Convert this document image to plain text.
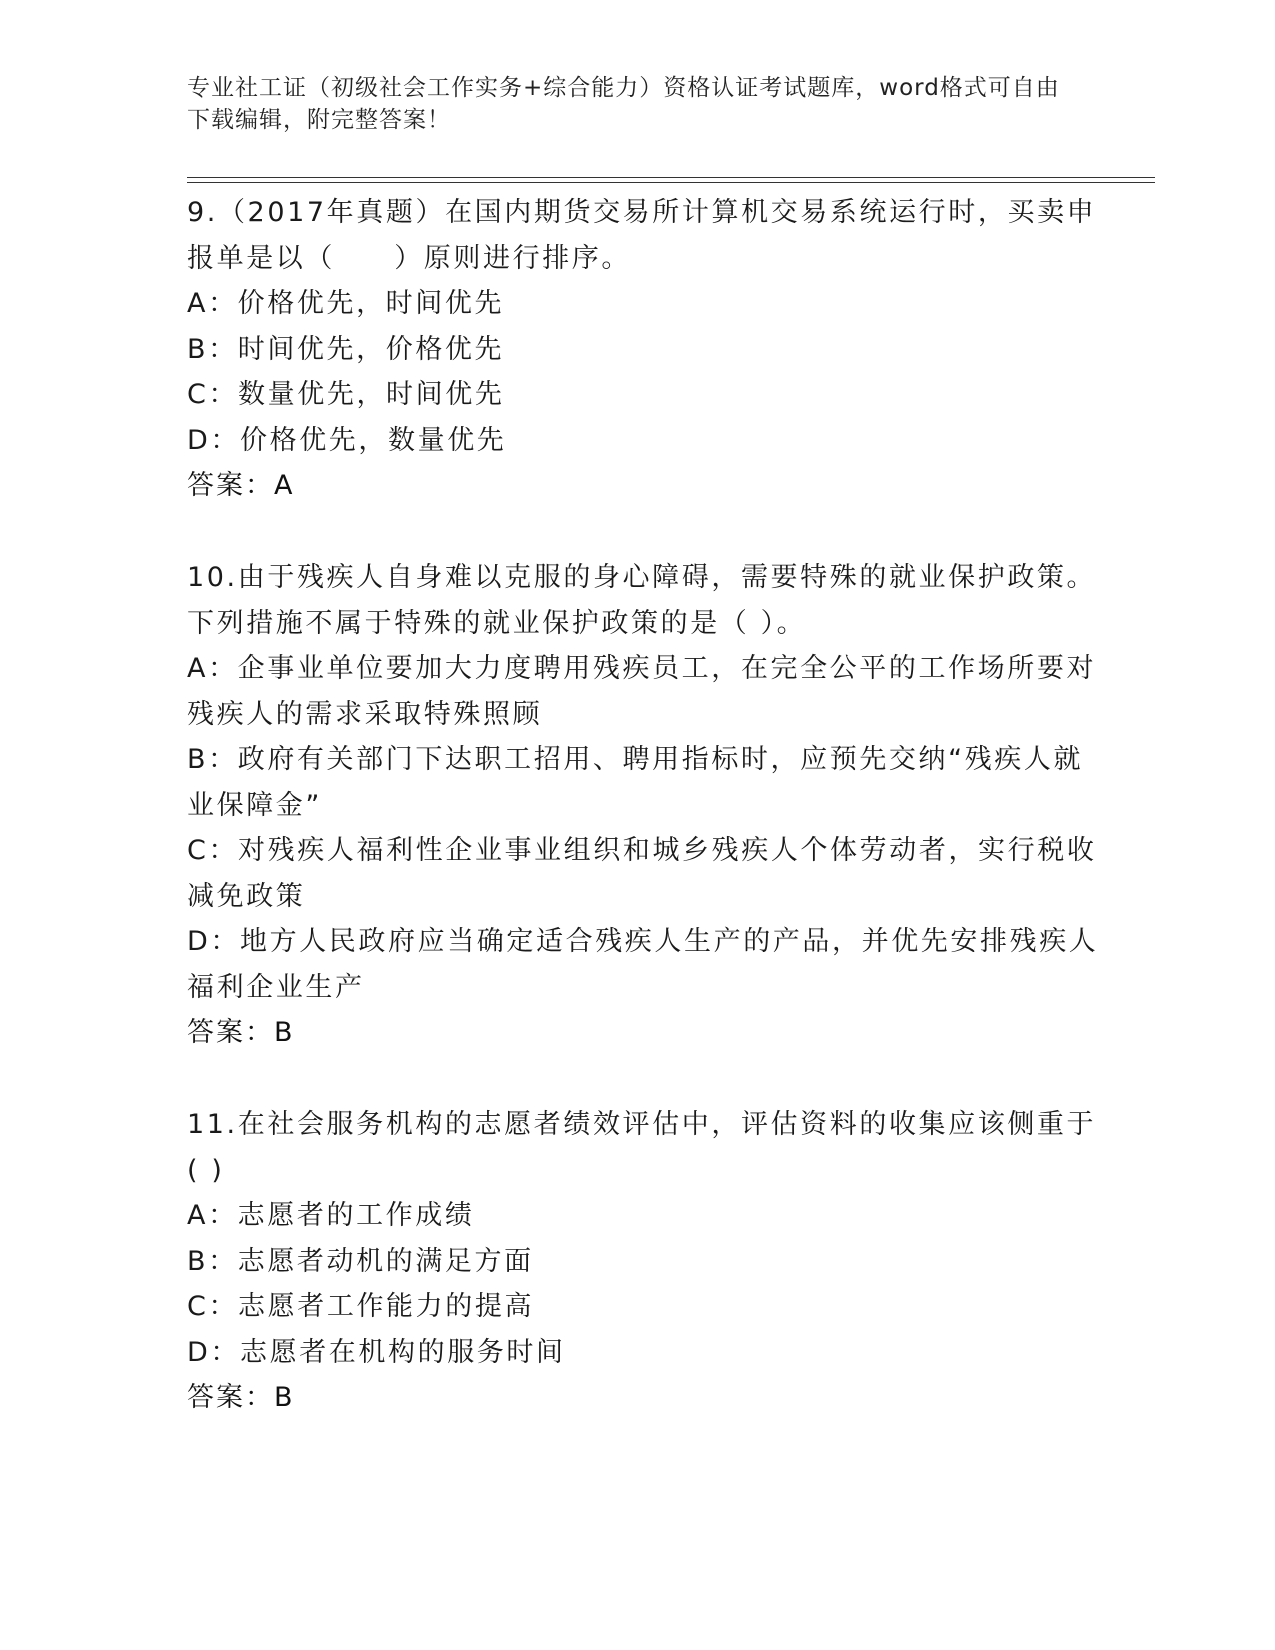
专业社工证（初级社会工作实务+综合能力）资格认证考试题库，word格式可自由
下载编辑，附完整答案！
9.（2017年真题）在国内期货交易所计算机交易系统运行时，买卖申
报单是以（　　）原则进行排序。
A：价格优先，时间优先
B：时间优先，价格优先
C：数量优先，时间优先
D：价格优先，数量优先
答案：A
10.由于残疾人自身难以克服的身心障碍，需要特殊的就业保护政策。
下列措施不属于特殊的就业保护政策的是（ ）。
A：企事业单位要加大力度聘用残疾员工，在完全公平的工作场所要对
残疾人的需求采取特殊照顾
B：政府有关部门下达职工招用、聘用指标时，应预先交纳“残疾人就
业保障金”
C：对残疾人福利性企业事业组织和城乡残疾人个体劳动者，实行税收
减免政策
D：地方人民政府应当确定适合残疾人生产的产品，并优先安排残疾人
福利企业生产
答案：B
11.在社会服务机构的志愿者绩效评估中，评估资料的收集应该侧重于
( )
A：志愿者的工作成绩
B：志愿者动机的满足方面
C：志愿者工作能力的提高
D：志愿者在机构的服务时间
答案：B
